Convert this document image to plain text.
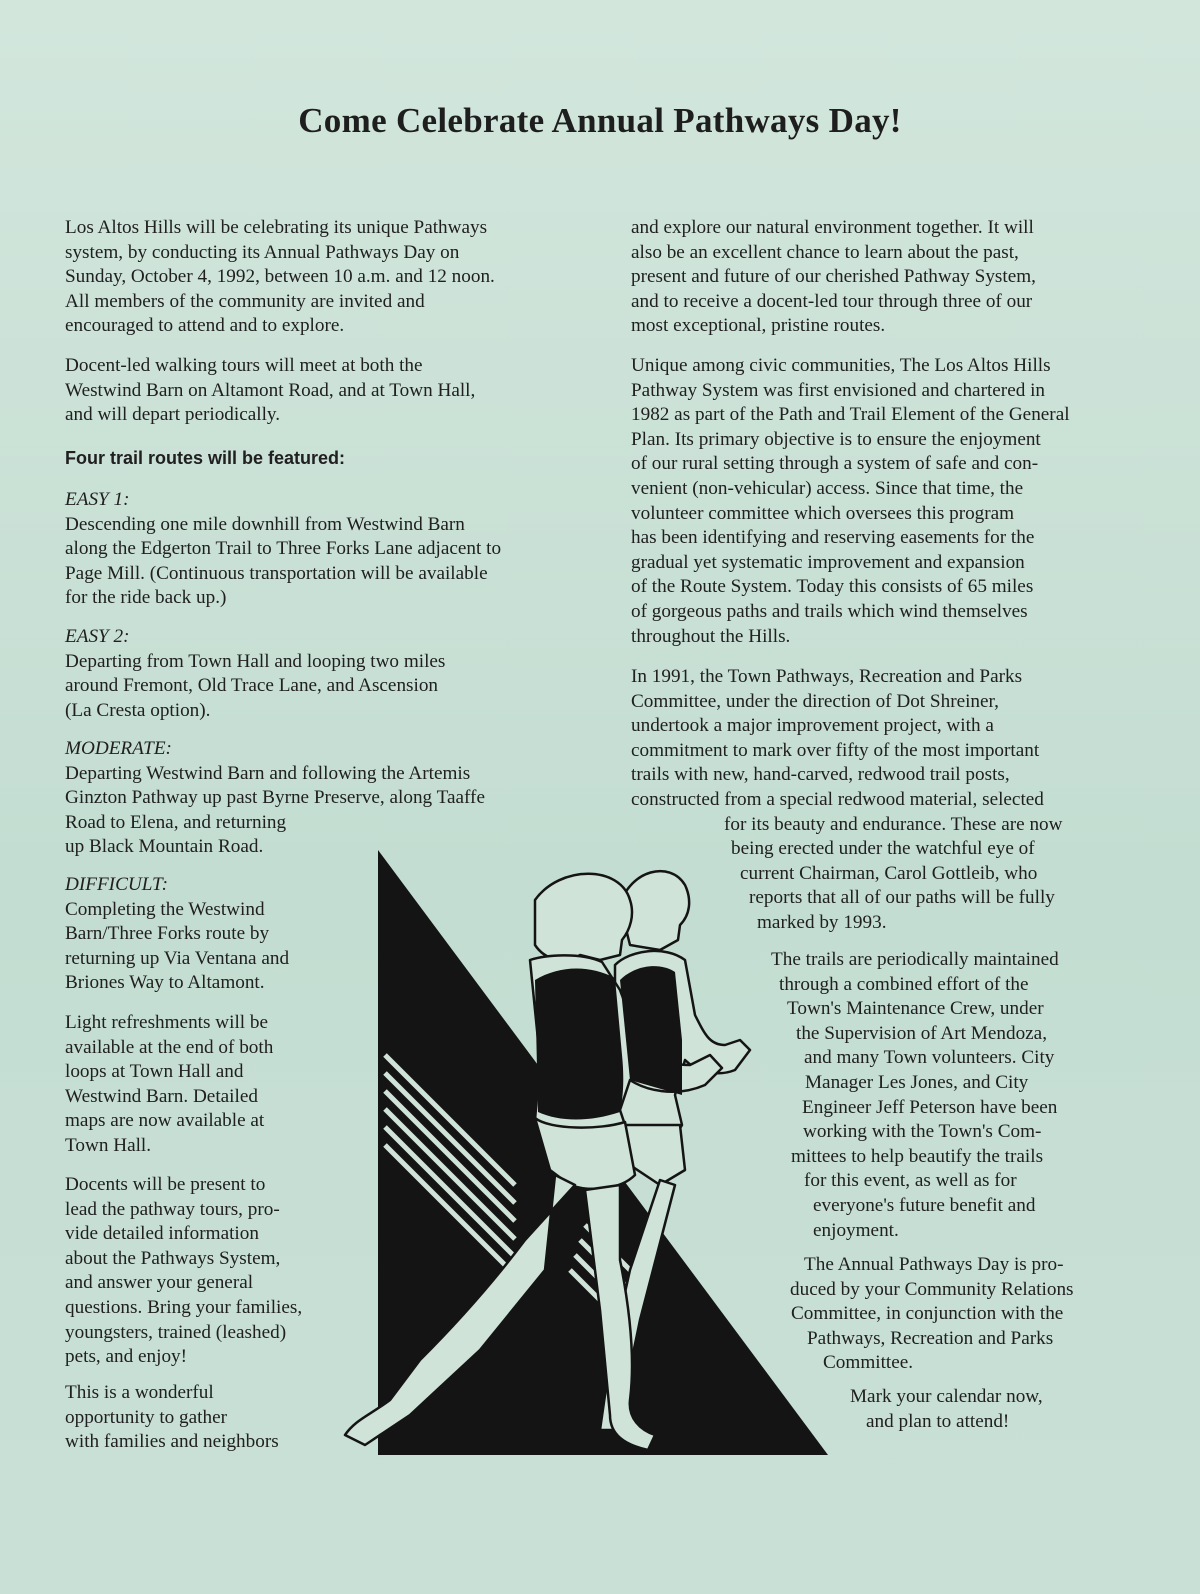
Come Celebrate Annual Pathways Day!
Los Altos Hills will be celebrating its unique Pathways
system, by conducting its Annual Pathways Day on
Sunday, October 4, 1992, between 10 a.m. and 12 noon.
All members of the community are invited and
encouraged to attend and to explore.
Docent-led walking tours will meet at both the
Westwind Barn on Altamont Road, and at Town Hall,
and will depart periodically.
Four trail routes will be featured:
EASY 1:
Descending one mile downhill from Westwind Barn
along the Edgerton Trail to Three Forks Lane adjacent to
Page Mill. (Continuous transportation will be available
for the ride back up.)
EASY 2:
Departing from Town Hall and looping two miles
around Fremont, Old Trace Lane, and Ascension
(La Cresta option).
MODERATE:
Departing Westwind Barn and following the Artemis
Ginzton Pathway up past Byrne Preserve, along Taaffe
Road to Elena, and returning
up Black Mountain Road.
DIFFICULT:
Completing the Westwind
Barn/Three Forks route by
returning up Via Ventana and
Briones Way to Altamont.
Light refreshments will be
available at the end of both
loops at Town Hall and
Westwind Barn. Detailed
maps are now available at
Town Hall.
Docents will be present to
lead the pathway tours, pro-
vide detailed information
about the Pathways System,
and answer your general
questions. Bring your families,
youngsters, trained (leashed)
pets, and enjoy!
This is a wonderful
opportunity to gather
with families and neighbors
and explore our natural environment together. It will
also be an excellent chance to learn about the past,
present and future of our cherished Pathway System,
and to receive a docent-led tour through three of our
most exceptional, pristine routes.
Unique among civic communities, The Los Altos Hills
Pathway System was first envisioned and chartered in
1982 as part of the Path and Trail Element of the General
Plan. Its primary objective is to ensure the enjoyment
of our rural setting through a system of safe and con-
venient (non-vehicular) access. Since that time, the
volunteer committee which oversees this program
has been identifying and reserving easements for the
gradual yet systematic improvement and expansion
of the Route System. Today this consists of 65 miles
of gorgeous paths and trails which wind themselves
throughout the Hills.
In 1991, the Town Pathways, Recreation and Parks
Committee, under the direction of Dot Shreiner,
undertook a major improvement project, with a
commitment to mark over fifty of the most important
trails with new, hand-carved, redwood trail posts,
constructed from a special redwood material, selected
for its beauty and endurance. These are now
being erected under the watchful eye of
current Chairman, Carol Gottleib, who
reports that all of our paths will be fully
marked by 1993.
The trails are periodically maintained
through a combined effort of the
Town's Maintenance Crew, under
the Supervision of Art Mendoza,
and many Town volunteers. City
Manager Les Jones, and City
Engineer Jeff Peterson have been
working with the Town's Com-
mittees to help beautify the trails
for this event, as well as for
everyone's future benefit and
enjoyment.
The Annual Pathways Day is pro-
duced by your Community Relations
Committee, in conjunction with the
Pathways, Recreation and Parks
Committee.
Mark your calendar now,
and plan to attend!
